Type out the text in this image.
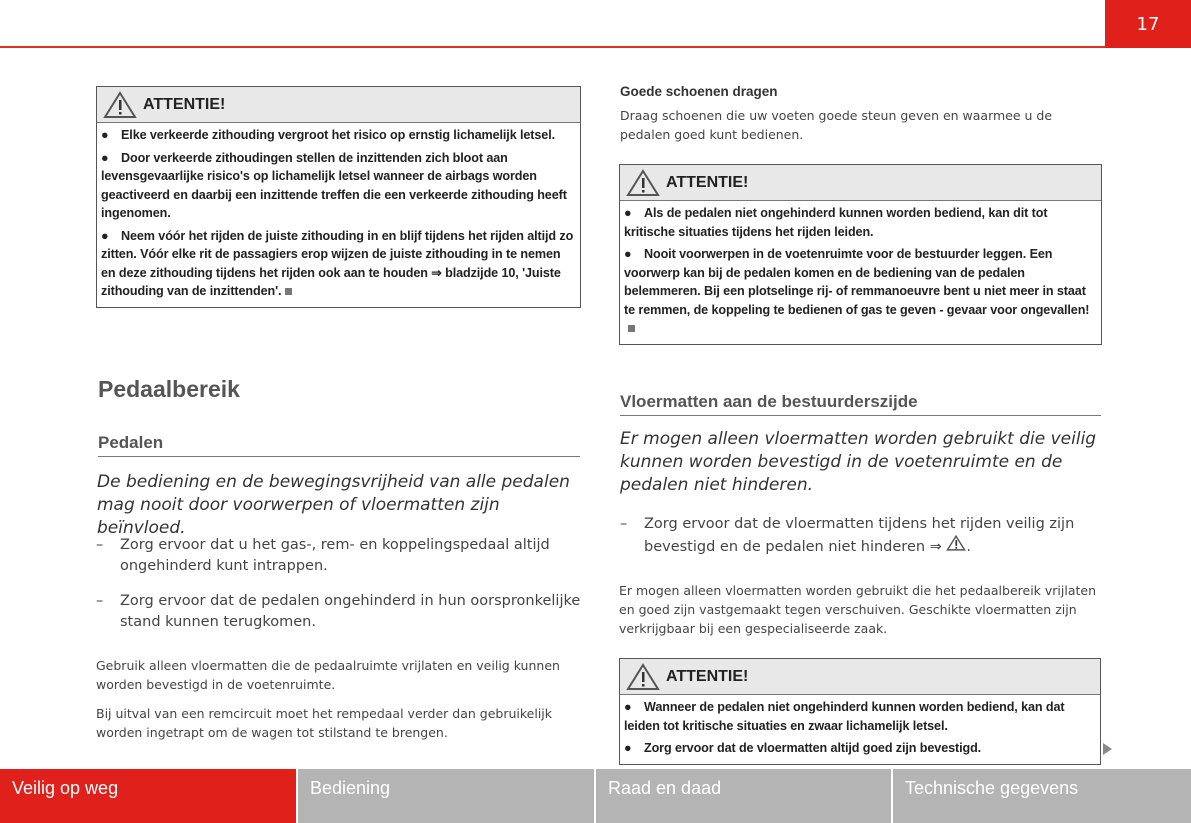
17
ATTENTIE!

● Elke verkeerde zithouding vergroot het risico op ernstig lichamelijk letsel.

● Door verkeerde zithoudingen stellen de inzittenden zich bloot aan levensgevaarlijke risico's op lichamelijk letsel wanneer de airbags worden geactiveerd en daarbij een inzittende treffen die een verkeerde zithouding heeft ingenomen.

● Neem vóór het rijden de juiste zithouding in en blijf tijdens het rijden altijd zo zitten. Vóór elke rit de passagiers erop wijzen de juiste zithouding in te nemen en deze zithouding tijdens het rijden ook aan te houden ⇒ bladzijde 10, 'Juiste zithouding van de inzittenden'.

Pedaalbereik
Pedalen
De bediening en de bewegingsvrijheid van alle pedalen mag nooit door voorwerpen of vloermatten zijn beïnvloed.
–	Zorg ervoor dat u het gas-, rem- en koppelingspedaal altijd ongehinderd kunt intrappen.
–	Zorg ervoor dat de pedalen ongehinderd in hun oorspronkelijke stand kunnen terugkomen.
Gebruik alleen vloermatten die de pedaalruimte vrijlaten en veilig kunnen worden bevestigd in de voetenruimte.
Bij uitval van een remcircuit moet het rempedaal verder dan gebruikelijk worden ingetrapt om de wagen tot stilstand te brengen.
Goede schoenen dragen
Draag schoenen die uw voeten goede steun geven en waarmee u de pedalen goed kunt bedienen.
ATTENTIE!

● Als de pedalen niet ongehinderd kunnen worden bediend, kan dit tot kritische situaties tijdens het rijden leiden.

● Nooit voorwerpen in de voetenruimte voor de bestuurder leggen. Een voorwerp kan bij de pedalen komen en de bediening van de pedalen belemmeren. Bij een plotselinge rij- of remmanoeuvre bent u niet meer in staat te remmen, de koppeling te bedienen of gas te geven - gevaar voor ongevallen!

Vloermatten aan de bestuurderszijde
Er mogen alleen vloermatten worden gebruikt die veilig kunnen worden bevestigd in de voetenruimte en de pedalen niet hinderen.
–	Zorg ervoor dat de vloermatten tijdens het rijden veilig zijn bevestigd en de pedalen niet hinderen ⇒ .
Er mogen alleen vloermatten worden gebruikt die het pedaalbereik vrijlaten en goed zijn vastgemaakt tegen verschuiven. Geschikte vloermatten zijn verkrijgbaar bij een gespecialiseerde zaak.
ATTENTIE!

● Wanneer de pedalen niet ongehinderd kunnen worden bediend, kan dat leiden tot kritische situaties en zwaar lichamelijk letsel.

● Zorg ervoor dat de vloermatten altijd goed zijn bevestigd.

Veilig op weg	Bediening	Raad en daad	Technische gegevens
